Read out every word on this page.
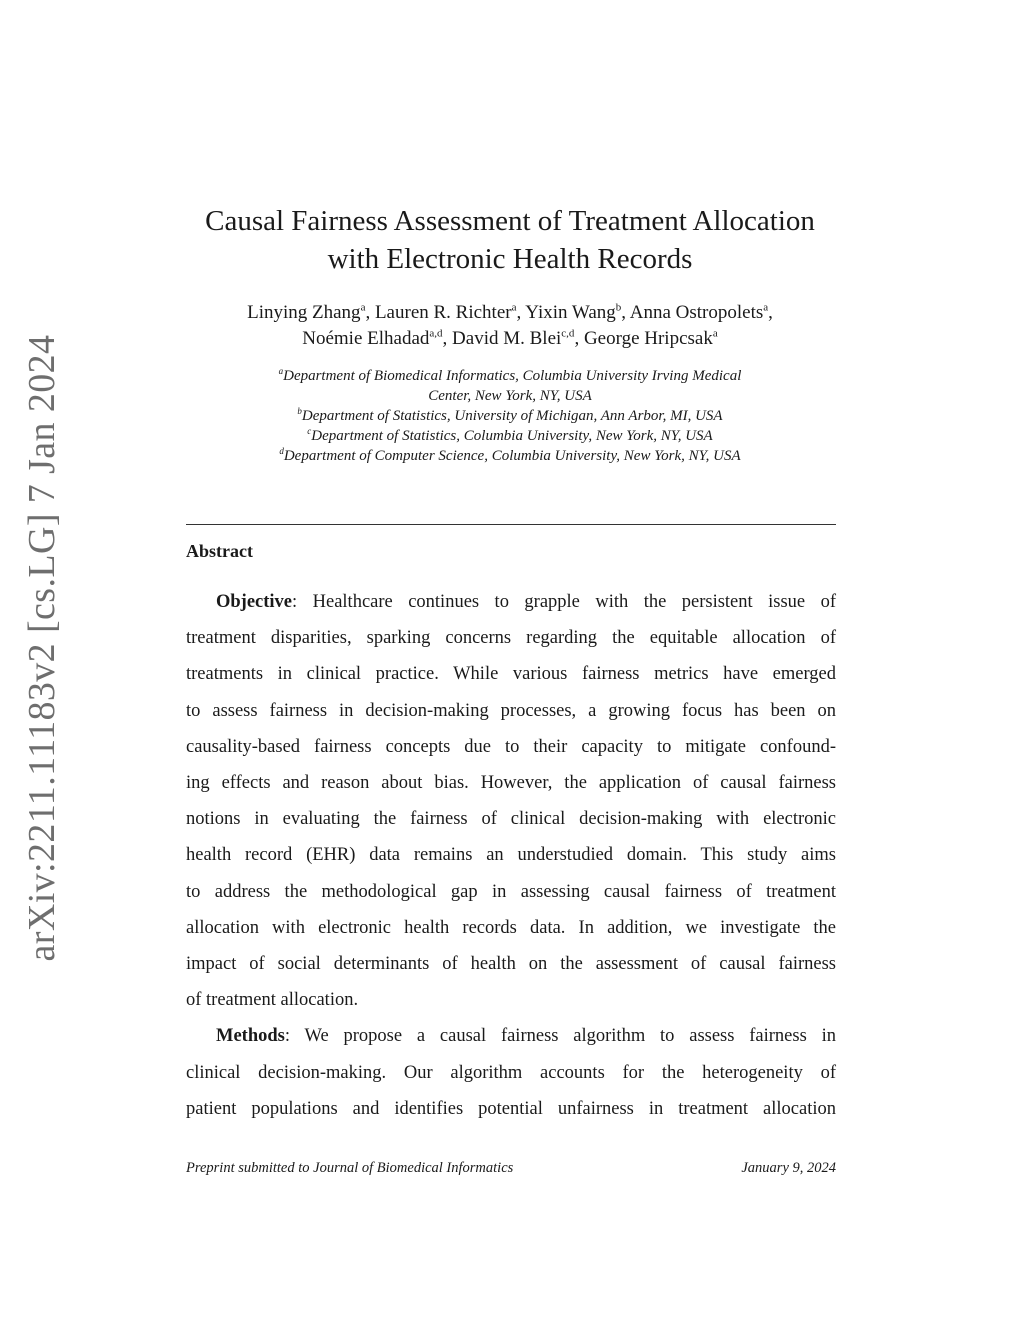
arXiv:2211.11183v2 [cs.LG] 7 Jan 2024
Causal Fairness Assessment of Treatment Allocation
with Electronic Health Records
Linying Zhang$^a$, Lauren R. Richter$^a$, Yixin Wang$^b$, Anna Ostropolets$^a$,
Noémie Elhadad$^{a,d}$, David M. Blei$^{c,d}$, George Hripcsak$^a$
$^a$Department of Biomedical Informatics, Columbia University Irving Medical
Center, New York, NY, USA
$^b$Department of Statistics, University of Michigan, Ann Arbor, MI, USA
$^c$Department of Statistics, Columbia University, New York, NY, USA
$^d$Department of Computer Science, Columbia University, New York, NY, USA
Abstract
Objective: Healthcare continues to grapple with the persistent issue of
treatment disparities, sparking concerns regarding the equitable allocation of
treatments in clinical practice. While various fairness metrics have emerged
to assess fairness in decision-making processes, a growing focus has been on
causality-based fairness concepts due to their capacity to mitigate confound-
ing effects and reason about bias. However, the application of causal fairness
notions in evaluating the fairness of clinical decision-making with electronic
health record (EHR) data remains an understudied domain. This study aims
to address the methodological gap in assessing causal fairness of treatment
allocation with electronic health records data. In addition, we investigate the
impact of social determinants of health on the assessment of causal fairness
of treatment allocation.
Methods: We propose a causal fairness algorithm to assess fairness in
clinical decision-making. Our algorithm accounts for the heterogeneity of
patient populations and identifies potential unfairness in treatment allocation
Preprint submitted to Journal of Biomedical Informatics	January 9, 2024
